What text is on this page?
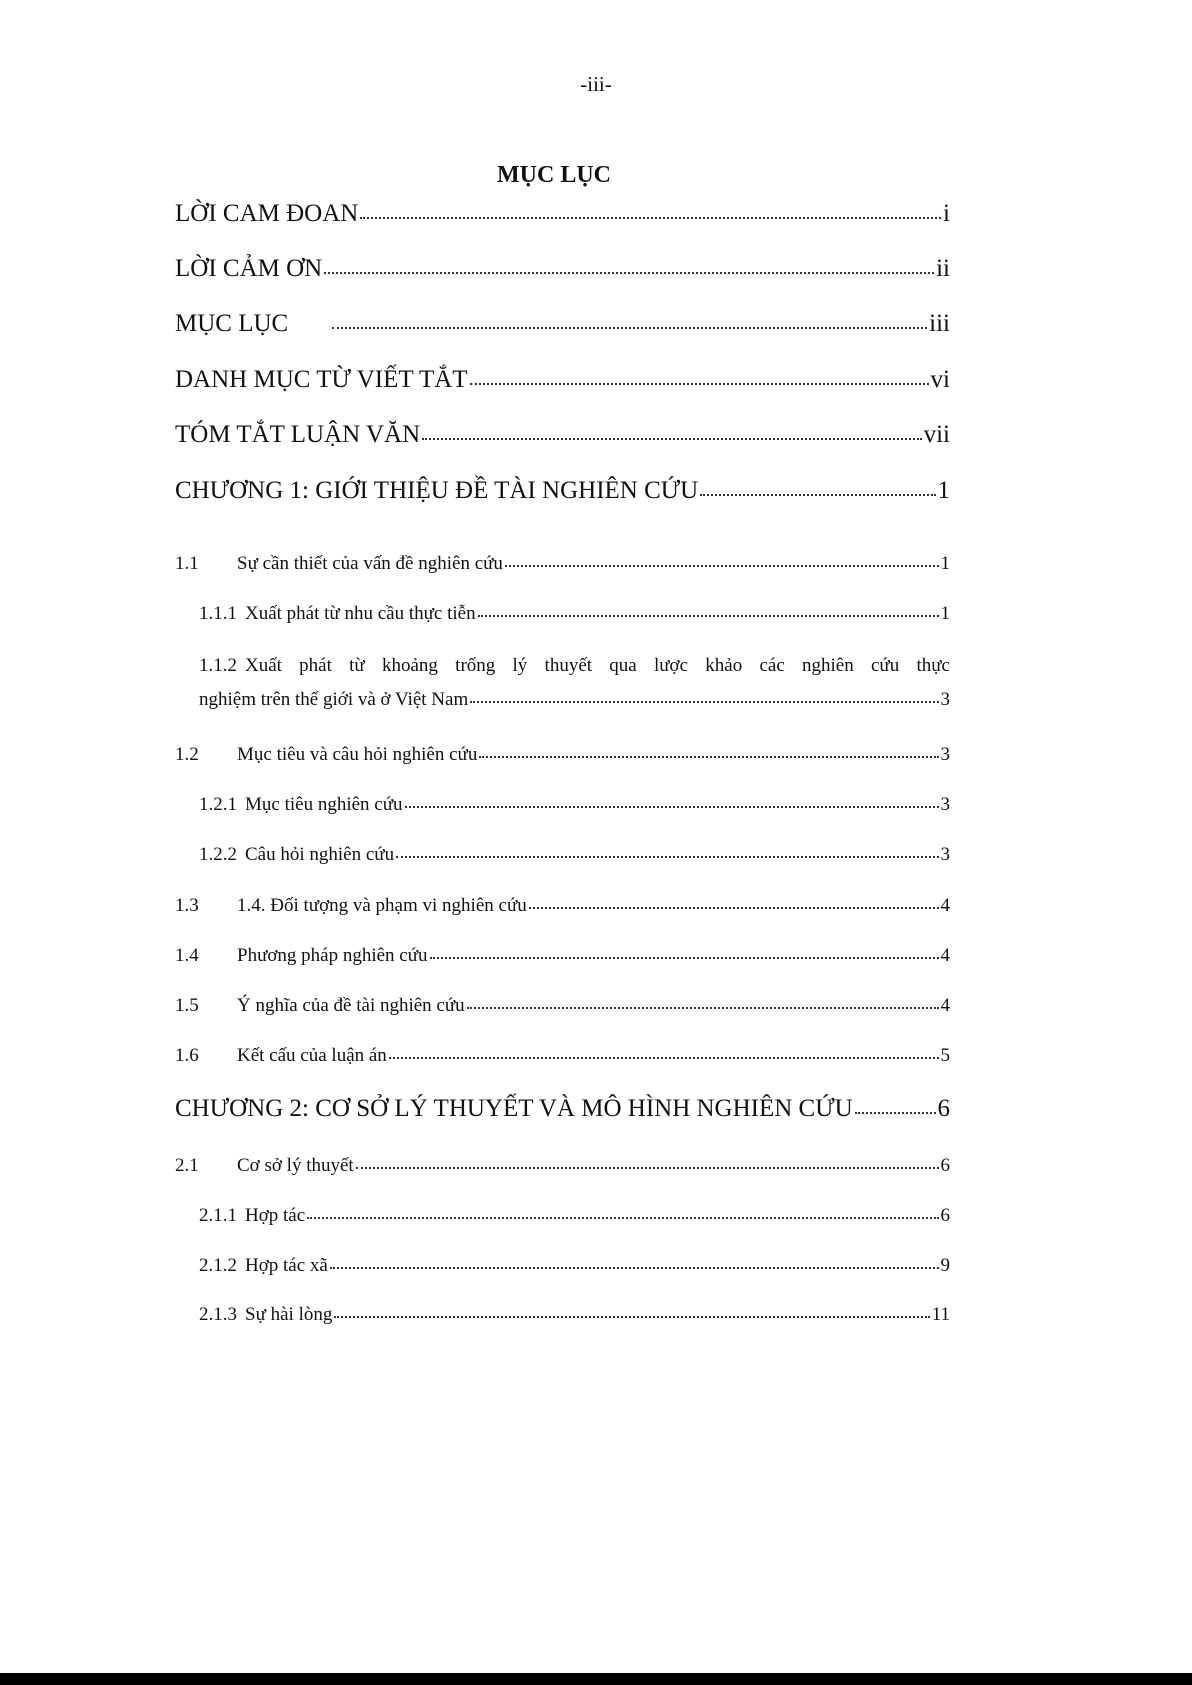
-iii-
MỤC LỤC
LỜI CAM ĐOAN	i
LỜI CẢM ƠN	ii
MỤC LỤC	iii
DANH MỤC TỪ VIẾT TẮT	vi
TÓM TẮT LUẬN VĂN	vii
CHƯƠNG 1: GIỚI THIỆU ĐỀ TÀI NGHIÊN CỨU	1
1.1	Sự cần thiết của vấn đề nghiên cứu	1
1.1.1 Xuất phát từ nhu cầu thực tiễn	1
1.1.2 Xuất phát từ khoảng trống lý thuyết qua lược khảo các nghiên cứu thực
nghiệm trên thế giới và ở Việt Nam	3
1.2	Mục tiêu và câu hỏi nghiên cứu	3
1.2.1 Mục tiêu nghiên cứu	3
1.2.2 Câu hỏi nghiên cứu	3
1.3	1.4. Đối tượng và phạm vi nghiên cứu	4
1.4	Phương pháp nghiên cứu	4
1.5	Ý nghĩa của đề tài nghiên cứu	4
1.6	Kết cấu của luận án	5
CHƯƠNG 2: CƠ SỞ LÝ THUYẾT VÀ MÔ HÌNH NGHIÊN CỨU	6
2.1	Cơ sở lý thuyết	6
2.1.1 Hợp tác	6
2.1.2 Hợp tác xã	9
2.1.3 Sự hài lòng	11
